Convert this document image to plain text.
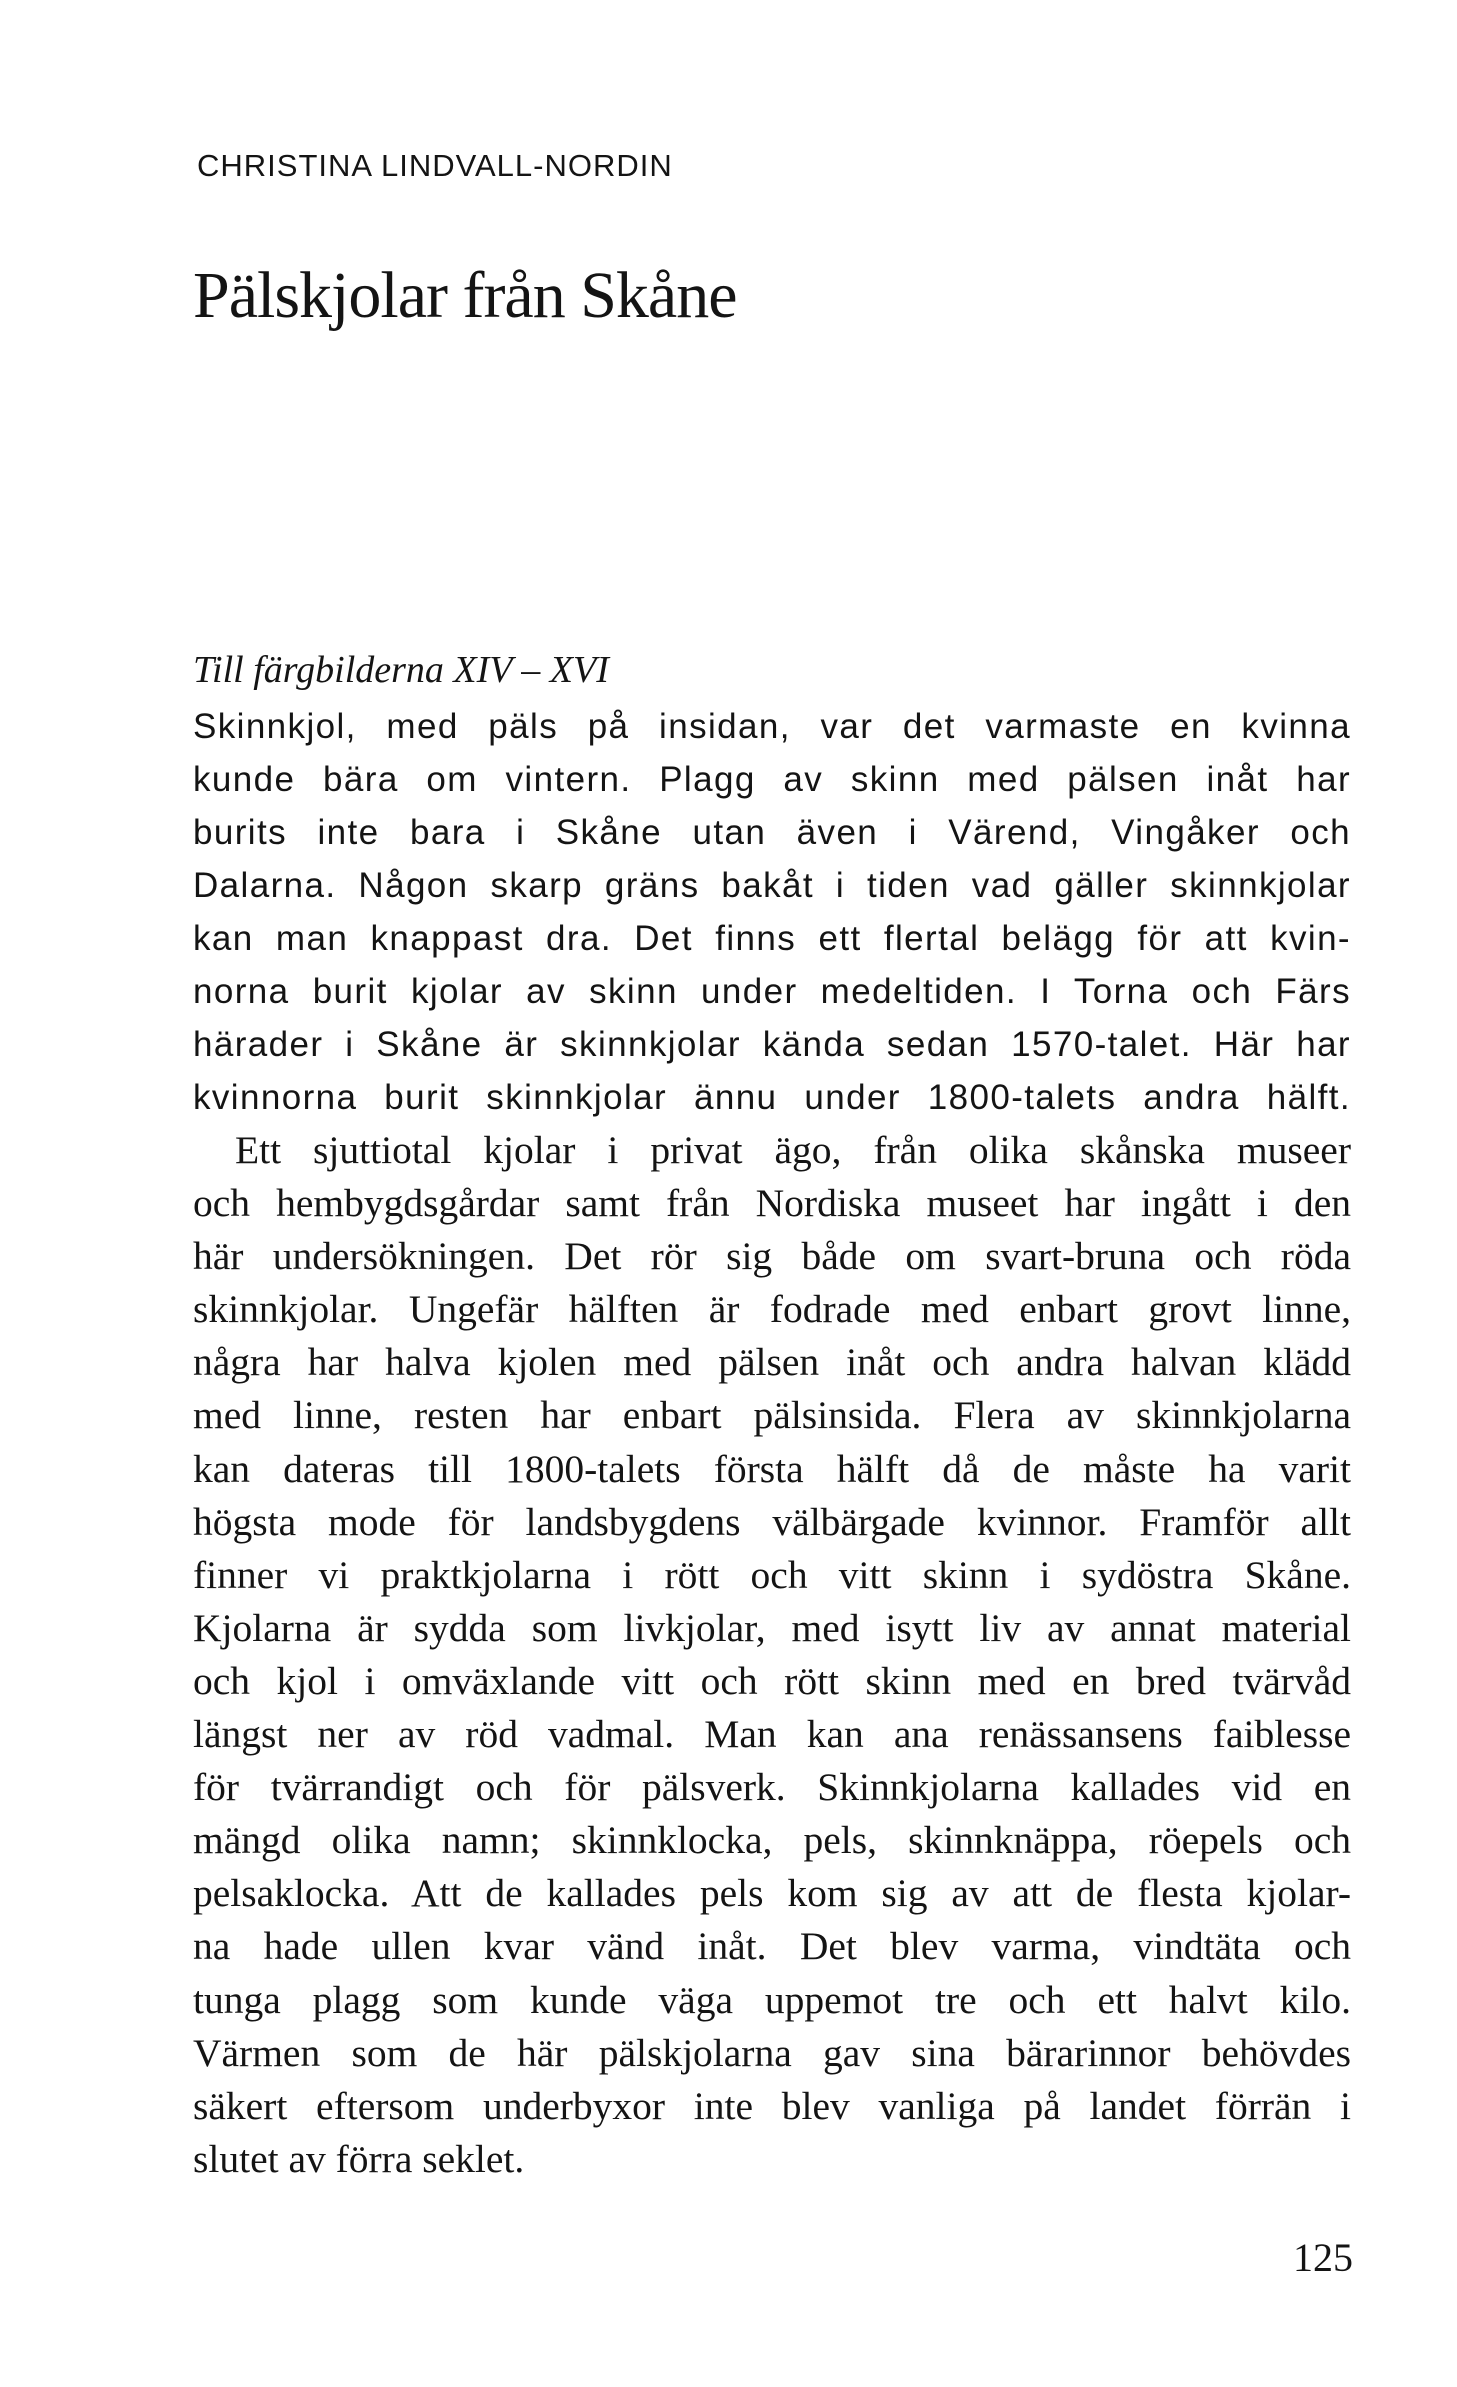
CHRISTINA LINDVALL-NORDIN
Pälskjolar från Skåne
Till färgbilderna XIV – XVI

Skinnkjol, med päls på insidan, var det varmaste en kvinna
kunde bära om vintern. Plagg av skinn med pälsen inåt har
burits inte bara i Skåne utan även i Värend, Vingåker och
Dalarna. Någon skarp gräns bakåt i tiden vad gäller skinnkjolar
kan man knappast dra. Det finns ett flertal belägg för att kvin-
norna burit kjolar av skinn under medeltiden. I Torna och Färs
härader i Skåne är skinnkjolar kända sedan 1570-talet. Här har
kvinnorna burit skinnkjolar ännu under 1800-talets andra hälft.

Ett sjuttiotal kjolar i privat ägo, från olika skånska museer
och hembygdsgårdar samt från Nordiska museet har ingått i den
här undersökningen. Det rör sig både om svart-bruna och röda
skinnkjolar. Ungefär hälften är fodrade med enbart grovt linne,
några har halva kjolen med pälsen inåt och andra halvan klädd
med linne, resten har enbart pälsinsida. Flera av skinnkjolarna
kan dateras till 1800-talets första hälft då de måste ha varit
högsta mode för landsbygdens välbärgade kvinnor. Framför allt
finner vi praktkjolarna i rött och vitt skinn i sydöstra Skåne.
Kjolarna är sydda som livkjolar, med isytt liv av annat material
och kjol i omväxlande vitt och rött skinn med en bred tvärvåd
längst ner av röd vadmal. Man kan ana renässansens faiblesse
för tvärrandigt och för pälsverk. Skinnkjolarna kallades vid en
mängd olika namn; skinnklocka, pels, skinnknäppa, röepels och
pelsaklocka. Att de kallades pels kom sig av att de flesta kjolar-
na hade ullen kvar vänd inåt. Det blev varma, vindtäta och
tunga plagg som kunde väga uppemot tre och ett halvt kilo.
Värmen som de här pälskjolarna gav sina bärarinnor behövdes
säkert eftersom underbyxor inte blev vanliga på landet förrän i
slutet av förra seklet.

125
